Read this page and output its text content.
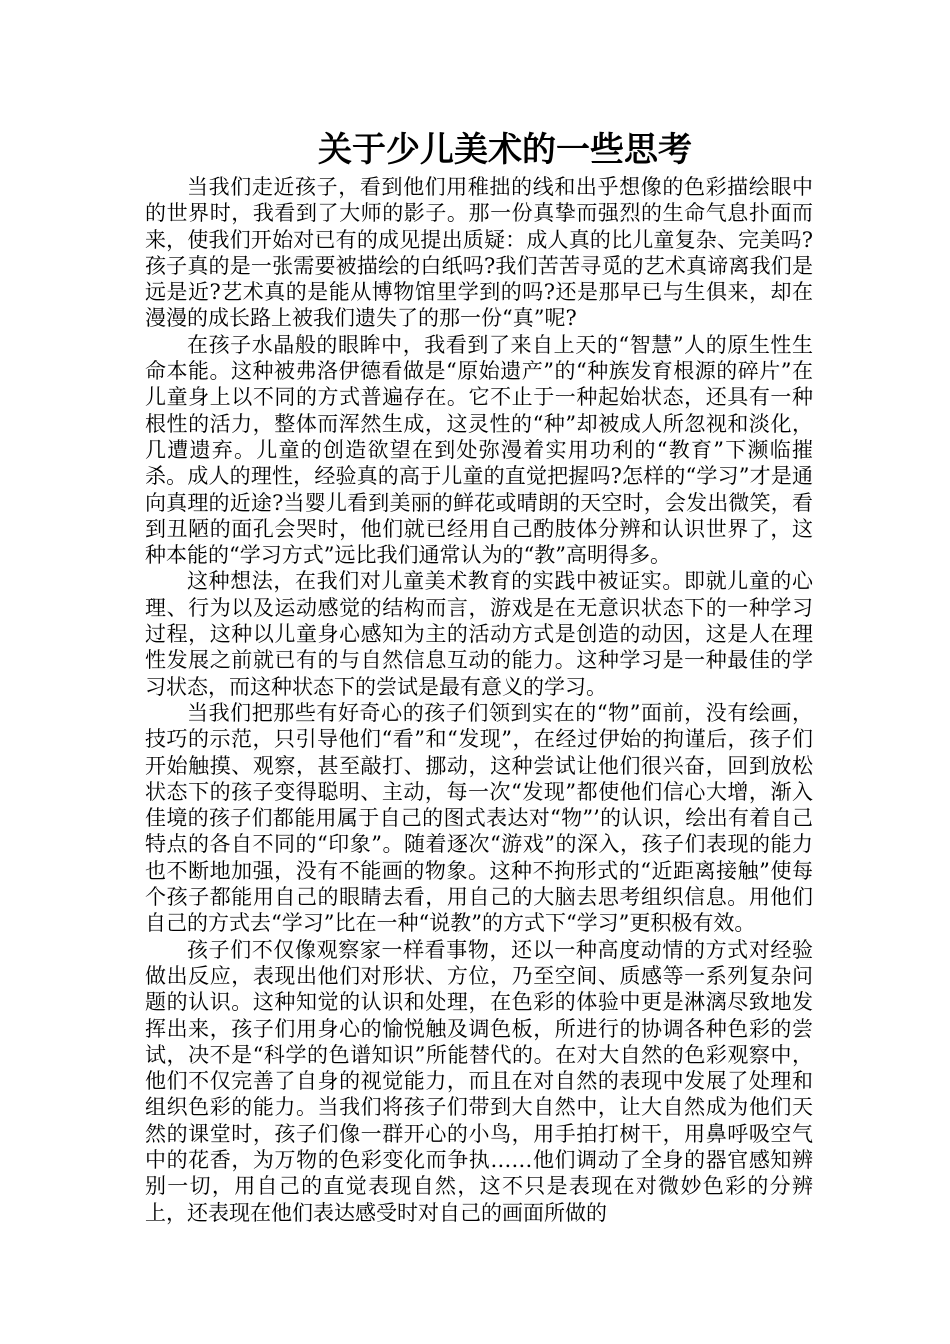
关于少儿美术的一些思考

当我们走近孩子，看到他们用稚拙的线和出乎想像的色彩描绘眼中的世界时，我看到了大师的影子。那一份真挚而强烈的生命气息扑面而来，使我们开始对已有的成见提出质疑：成人真的比儿童复杂、完美吗?孩子真的是一张需要被描绘的白纸吗?我们苦苦寻觅的艺术真谛离我们是远是近?艺术真的是能从博物馆里学到的吗?还是那早已与生俱来，却在漫漫的成长路上被我们遗失了的那一份“真”呢?

在孩子水晶般的眼眸中，我看到了来自上天的“智慧”人的原生性生命本能。这种被弗洛伊德看做是“原始遗产”的“种族发育根源的碎片”在儿童身上以不同的方式普遍存在。它不止于一种起始状态，还具有一种根性的活力，整体而浑然生成，这灵性的“种”却被成人所忽视和淡化，几遭遗弃。儿童的创造欲望在到处弥漫着实用功利的“教育”下濒临摧杀。成人的理性，经验真的高于儿童的直觉把握吗?怎样的“学习”才是通向真理的近途?当婴儿看到美丽的鲜花或晴朗的天空时，会发出微笑，看到丑陋的面孔会哭时，他们就已经用自己酌肢体分辨和认识世界了，这种本能的“学习方式”远比我们通常认为的“教”高明得多。

这种想法，在我们对儿童美术教育的实践中被证实。即就儿童的心理、行为以及运动感觉的结构而言，游戏是在无意识状态下的一种学习过程，这种以儿童身心感知为主的活动方式是创造的动因，这是人在理性发展之前就已有的与自然信息互动的能力。这种学习是一种最佳的学习状态，而这种状态下的尝试是最有意义的学习。

当我们把那些有好奇心的孩子们领到实在的“物”面前，没有绘画，技巧的示范，只引导他们“看”和“发现”，在经过伊始的拘谨后，孩子们开始触摸、观察，甚至敲打、挪动，这种尝试让他们很兴奋，回到放松状态下的孩子变得聪明、主动，每一次“发现”都使他们信心大增，渐入佳境的孩子们都能用属于自己的图式表达对“物”’的认识，绘出有着自己特点的各自不同的“印象”。随着逐次“游戏”的深入，孩子们表现的能力也不断地加强，没有不能画的物象。这种不拘形式的“近距离接触”使每个孩子都能用自己的眼睛去看，用自己的大脑去思考组织信息。用他们自己的方式去“学习”比在一种“说教”的方式下“学习”更积极有效。

孩子们不仅像观察家一样看事物，还以一种高度动情的方式对经验做出反应，表现出他们对形状、方位，乃至空间、质感等一系列复杂问题的认识。这种知觉的认识和处理，在色彩的体验中更是淋漓尽致地发挥出来，孩子们用身心的愉悦触及调色板，所进行的协调各种色彩的尝试，决不是“科学的色谱知识”所能替代的。在对大自然的色彩观察中，他们不仅完善了自身的视觉能力，而且在对自然的表现中发展了处理和组织色彩的能力。当我们将孩子们带到大自然中，让大自然成为他们天然的课堂时，孩子们像一群开心的小鸟，用手拍打树干，用鼻呼吸空气中的花香，为万物的色彩变化而争执……他们调动了全身的器官感知辨别一切，用自己的直觉表现自然，这不只是表现在对微妙色彩的分辨上，还表现在他们表达感受时对自己的画面所做的
